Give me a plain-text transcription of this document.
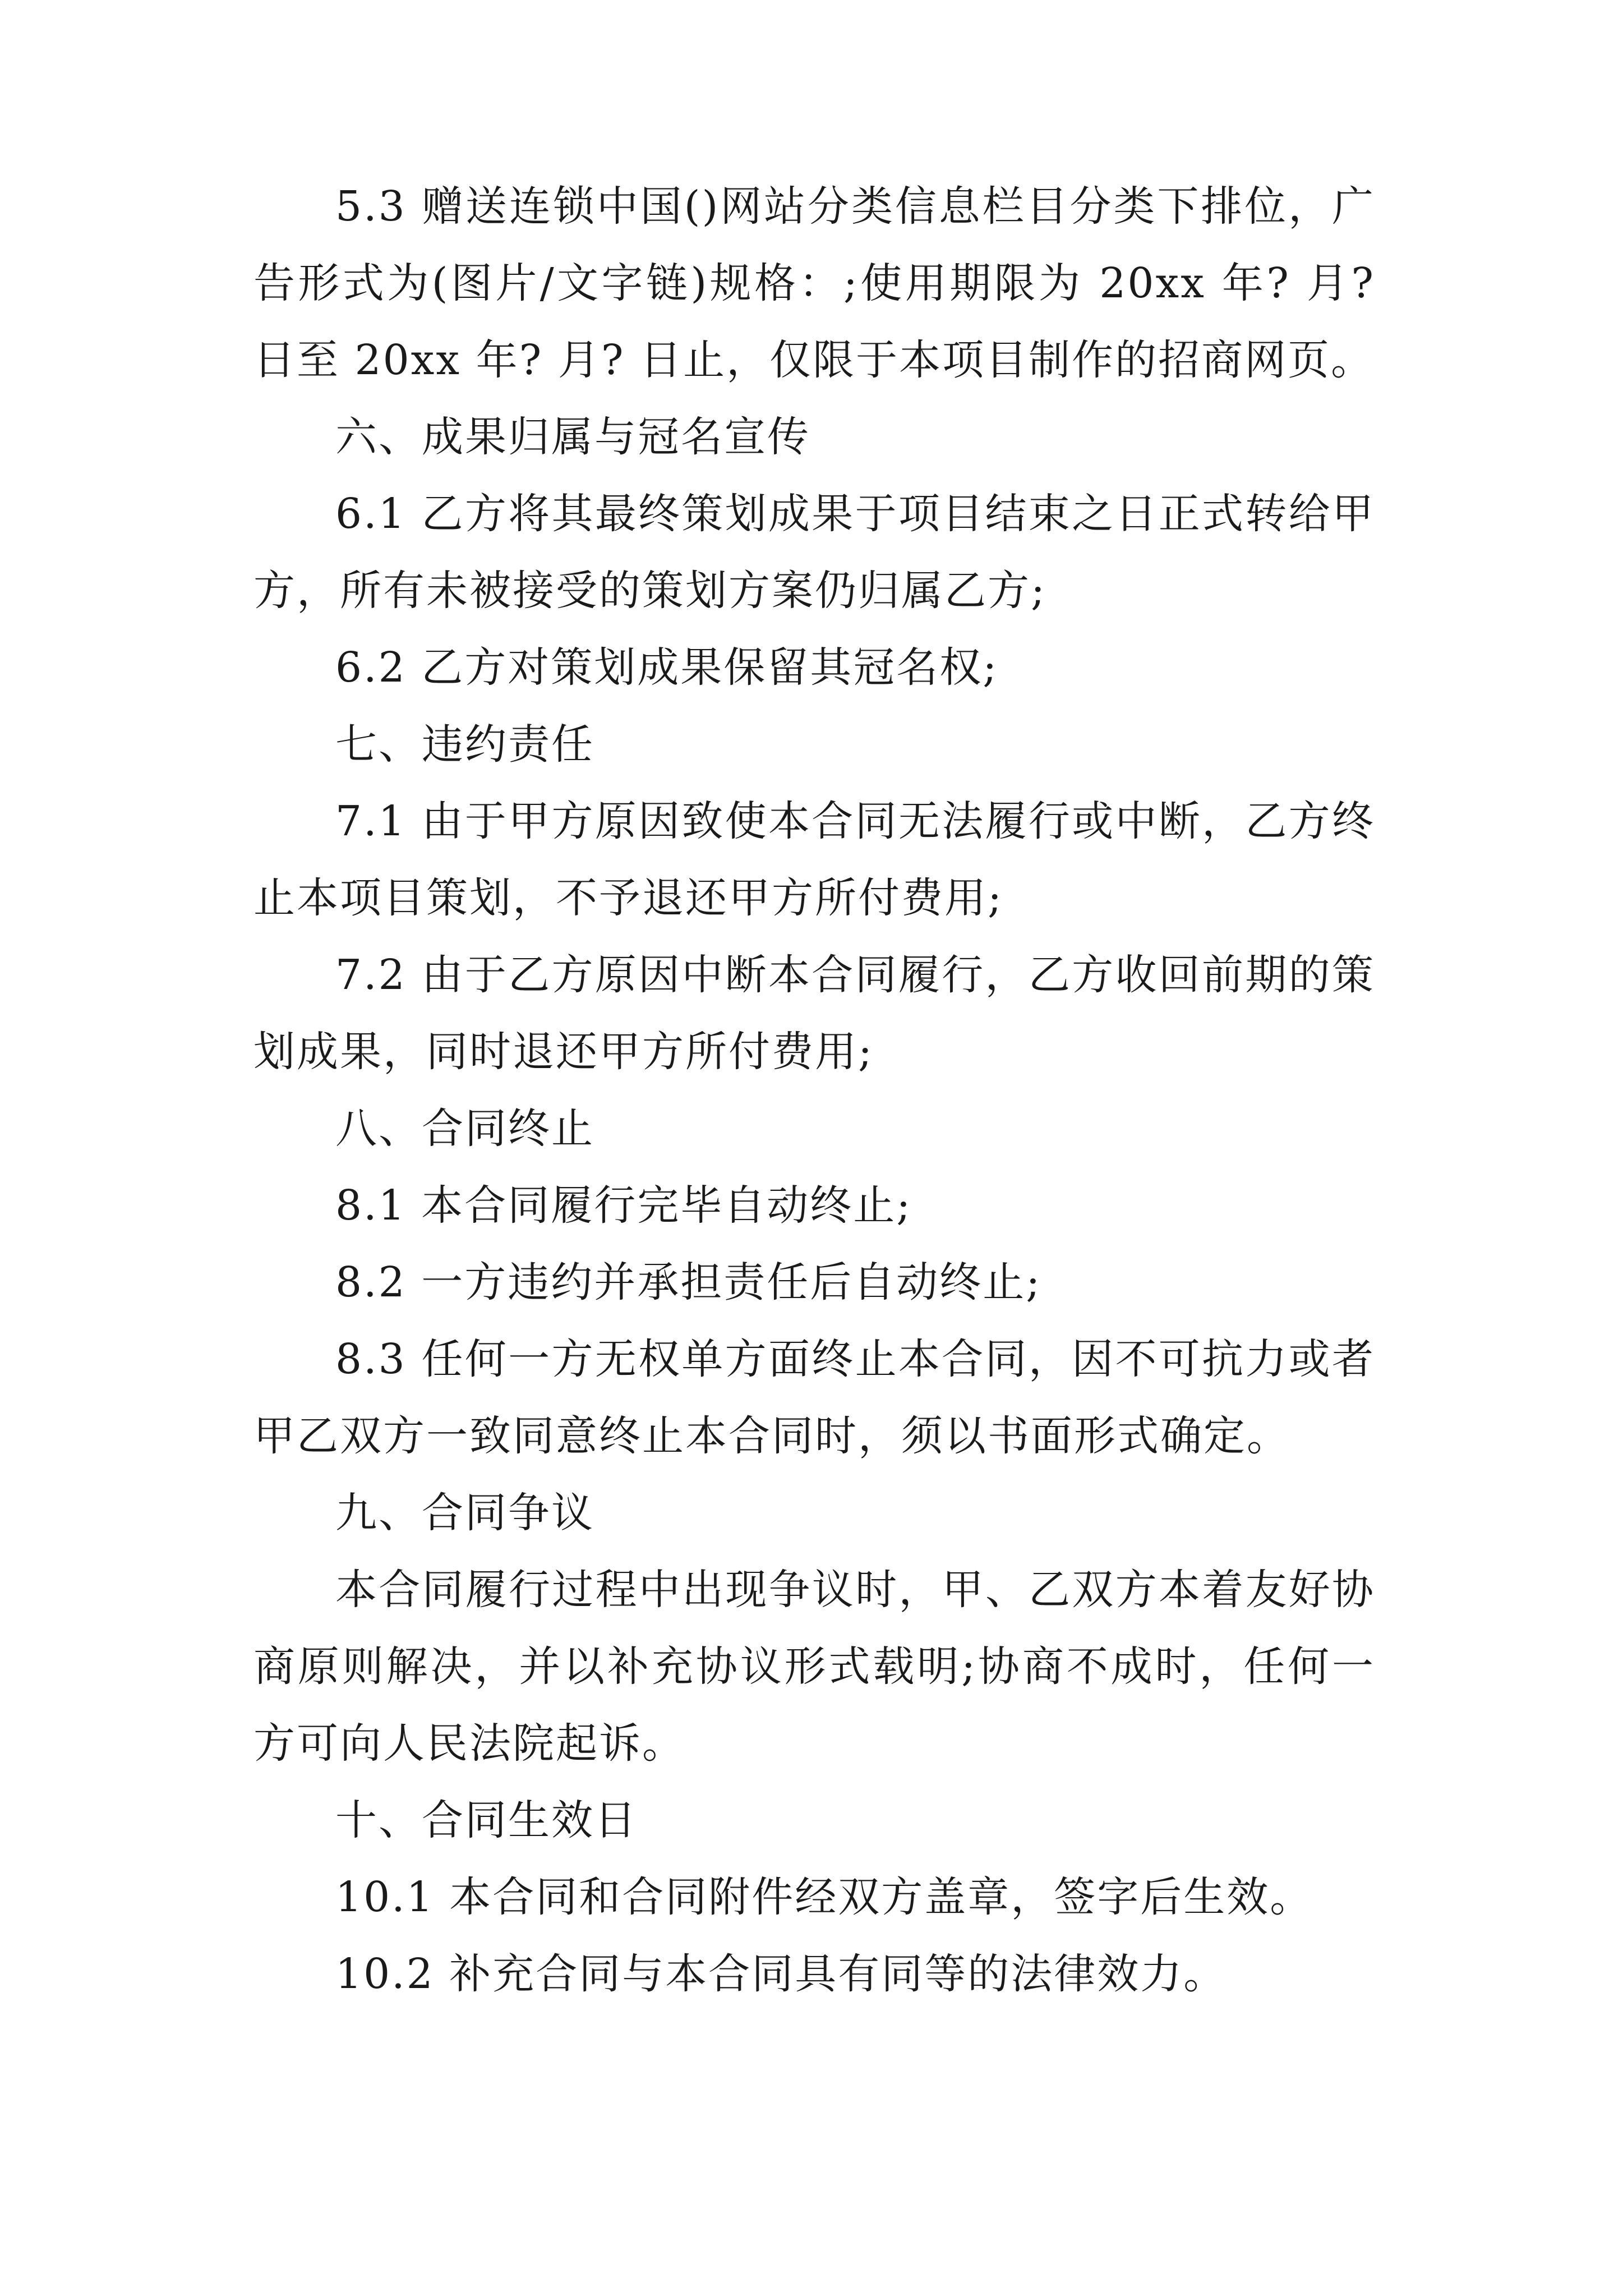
5.3 赠送连锁中国()网站分类信息栏目分类下排位，广告形式为(图片/文字链)规格：;使用期限为 20xx 年? 月?日至 20xx 年? 月? 日止，仅限于本项目制作的招商网页。

六、成果归属与冠名宣传

6.1 乙方将其最终策划成果于项目结束之日正式转给甲方，所有未被接受的策划方案仍归属乙方;

6.2 乙方对策划成果保留其冠名权;

七、违约责任

7.1 由于甲方原因致使本合同无法履行或中断，乙方终止本项目策划，不予退还甲方所付费用;

7.2 由于乙方原因中断本合同履行，乙方收回前期的策划成果，同时退还甲方所付费用;

八、合同终止

8.1 本合同履行完毕自动终止;

8.2 一方违约并承担责任后自动终止;

8.3 任何一方无权单方面终止本合同，因不可抗力或者甲乙双方一致同意终止本合同时，须以书面形式确定。

九、合同争议

本合同履行过程中出现争议时，甲、乙双方本着友好协商原则解决，并以补充协议形式载明;协商不成时，任何一方可向人民法院起诉。

十、合同生效日

10.1 本合同和合同附件经双方盖章，签字后生效。

10.2 补充合同与本合同具有同等的法律效力。
